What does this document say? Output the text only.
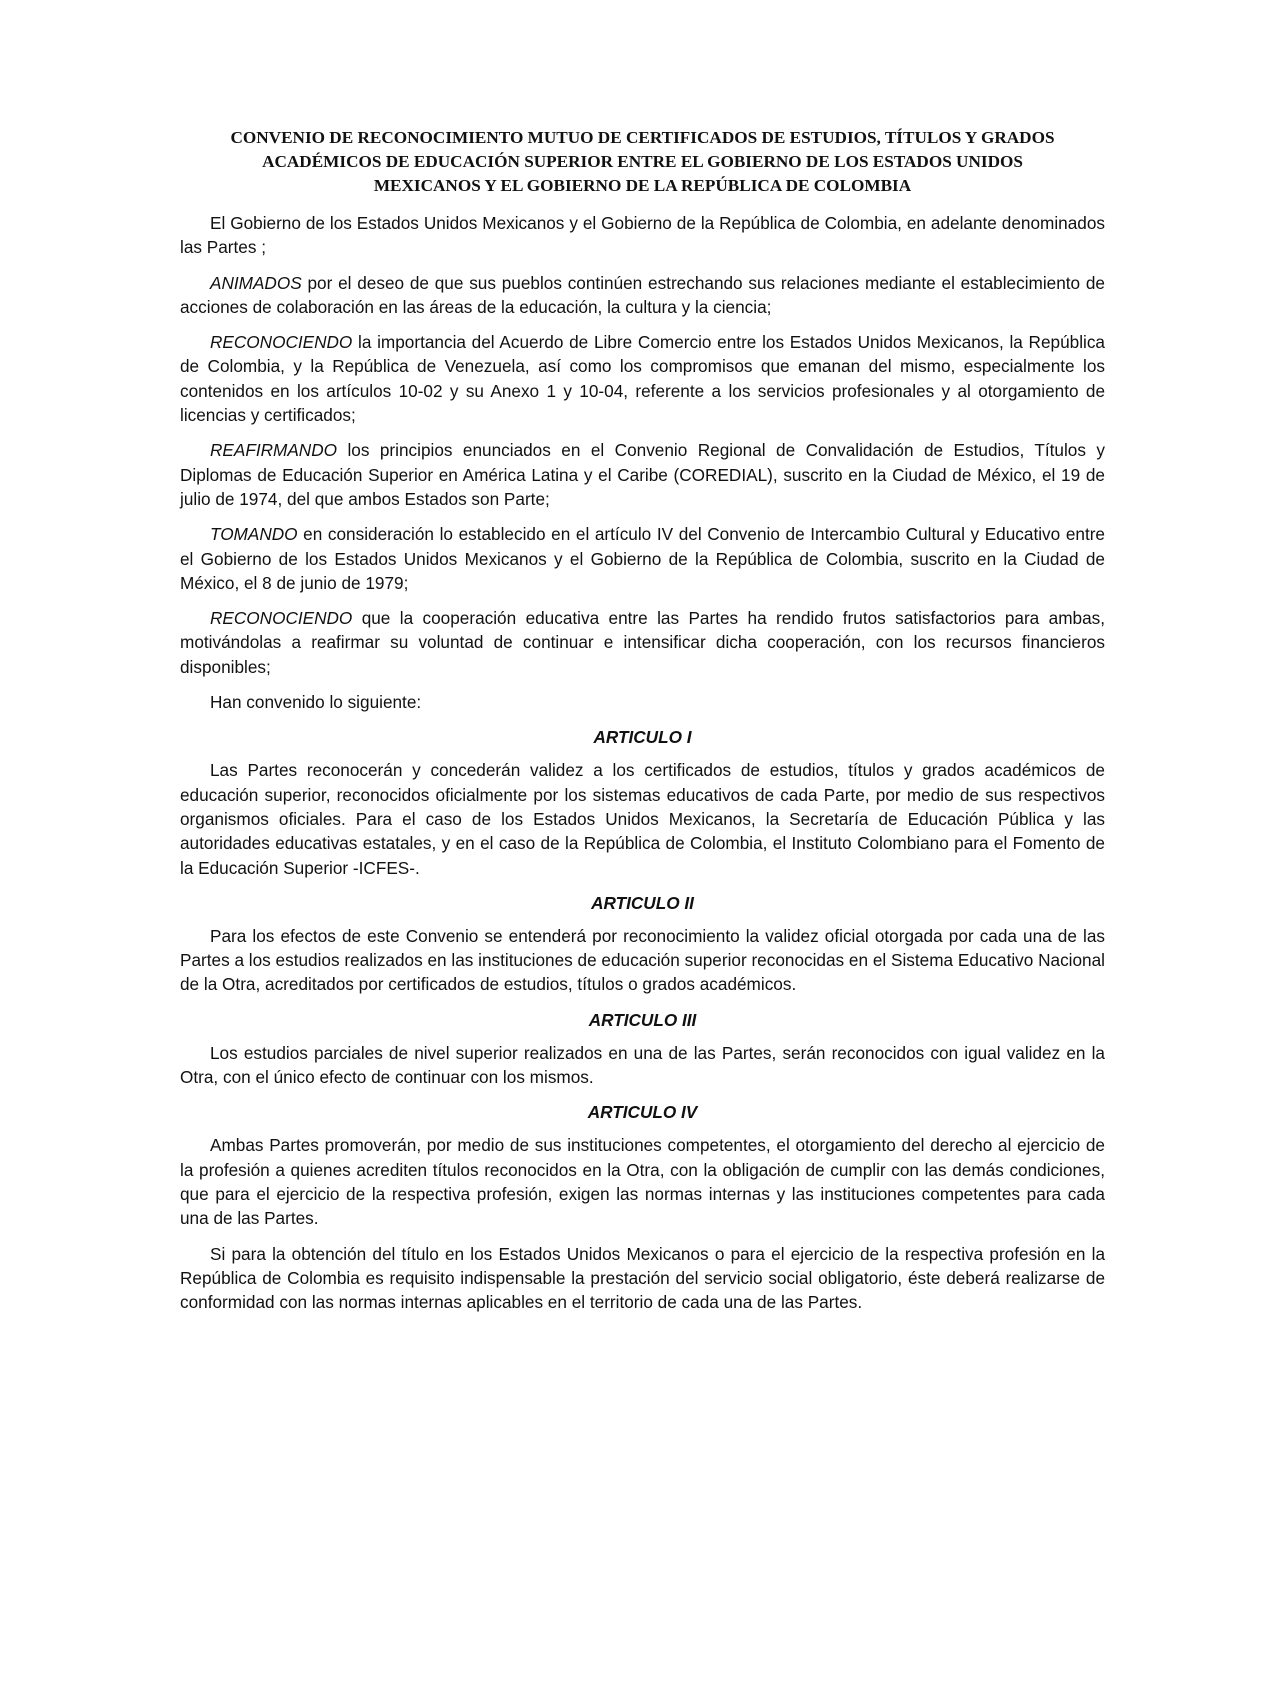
CONVENIO DE RECONOCIMIENTO MUTUO DE CERTIFICADOS DE ESTUDIOS, TÍTULOS Y GRADOS
ACADÉMICOS DE EDUCACIÓN SUPERIOR ENTRE EL GOBIERNO DE LOS ESTADOS UNIDOS
MEXICANOS Y EL GOBIERNO DE LA REPÚBLICA DE COLOMBIA

El Gobierno de los Estados Unidos Mexicanos y el Gobierno de la República de Colombia, en adelante denominados las Partes ;

ANIMADOS por el deseo de que sus pueblos continúen estrechando sus relaciones mediante el establecimiento de acciones de colaboración en las áreas de la educación, la cultura y la ciencia;

RECONOCIENDO la importancia del Acuerdo de Libre Comercio entre los Estados Unidos Mexicanos, la República de Colombia, y la República de Venezuela, así como los compromisos que emanan del mismo, especialmente los contenidos en los artículos 10-02 y su Anexo 1 y 10-04, referente a los servicios profesionales y al otorgamiento de licencias y certificados;

REAFIRMANDO los principios enunciados en el Convenio Regional de Convalidación de Estudios, Títulos y Diplomas de Educación Superior en América Latina y el Caribe (COREDIAL), suscrito en la Ciudad de México, el 19 de julio de 1974, del que ambos Estados son Parte;

TOMANDO en consideración lo establecido en el artículo IV del Convenio de Intercambio Cultural y Educativo entre el Gobierno de los Estados Unidos Mexicanos y el Gobierno de la República de Colombia, suscrito en la Ciudad de México, el 8 de junio de 1979;

RECONOCIENDO que la cooperación educativa entre las Partes ha rendido frutos satisfactorios para ambas, motivándolas a reafirmar su voluntad de continuar e intensificar dicha cooperación, con los recursos financieros disponibles;

Han convenido lo siguiente:

ARTICULO I

Las Partes reconocerán y concederán validez a los certificados de estudios, títulos y grados académicos de educación superior, reconocidos oficialmente por los sistemas educativos de cada Parte, por medio de sus respectivos organismos oficiales. Para el caso de los Estados Unidos Mexicanos, la Secretaría de Educación Pública y las autoridades educativas estatales, y en el caso de la República de Colombia, el Instituto Colombiano para el Fomento de la Educación Superior -ICFES-.

ARTICULO II

Para los efectos de este Convenio se entenderá por reconocimiento la validez oficial otorgada por cada una de las Partes a los estudios realizados en las instituciones de educación superior reconocidas en el Sistema Educativo Nacional de la Otra, acreditados por certificados de estudios, títulos o grados académicos.

ARTICULO III

Los estudios parciales de nivel superior realizados en una de las Partes, serán reconocidos con igual validez en la Otra, con el único efecto de continuar con los mismos.

ARTICULO IV

Ambas Partes promoverán, por medio de sus instituciones competentes, el otorgamiento del derecho al ejercicio de la profesión a quienes acrediten títulos reconocidos en la Otra, con la obligación de cumplir con las demás condiciones, que para el ejercicio de la respectiva profesión, exigen las normas internas y las instituciones competentes para cada una de las Partes.

Si para la obtención del título en los Estados Unidos Mexicanos o para el ejercicio de la respectiva profesión en la República de Colombia es requisito indispensable la prestación del servicio social obligatorio, éste deberá realizarse de conformidad con las normas internas aplicables en el territorio de cada una de las Partes.
